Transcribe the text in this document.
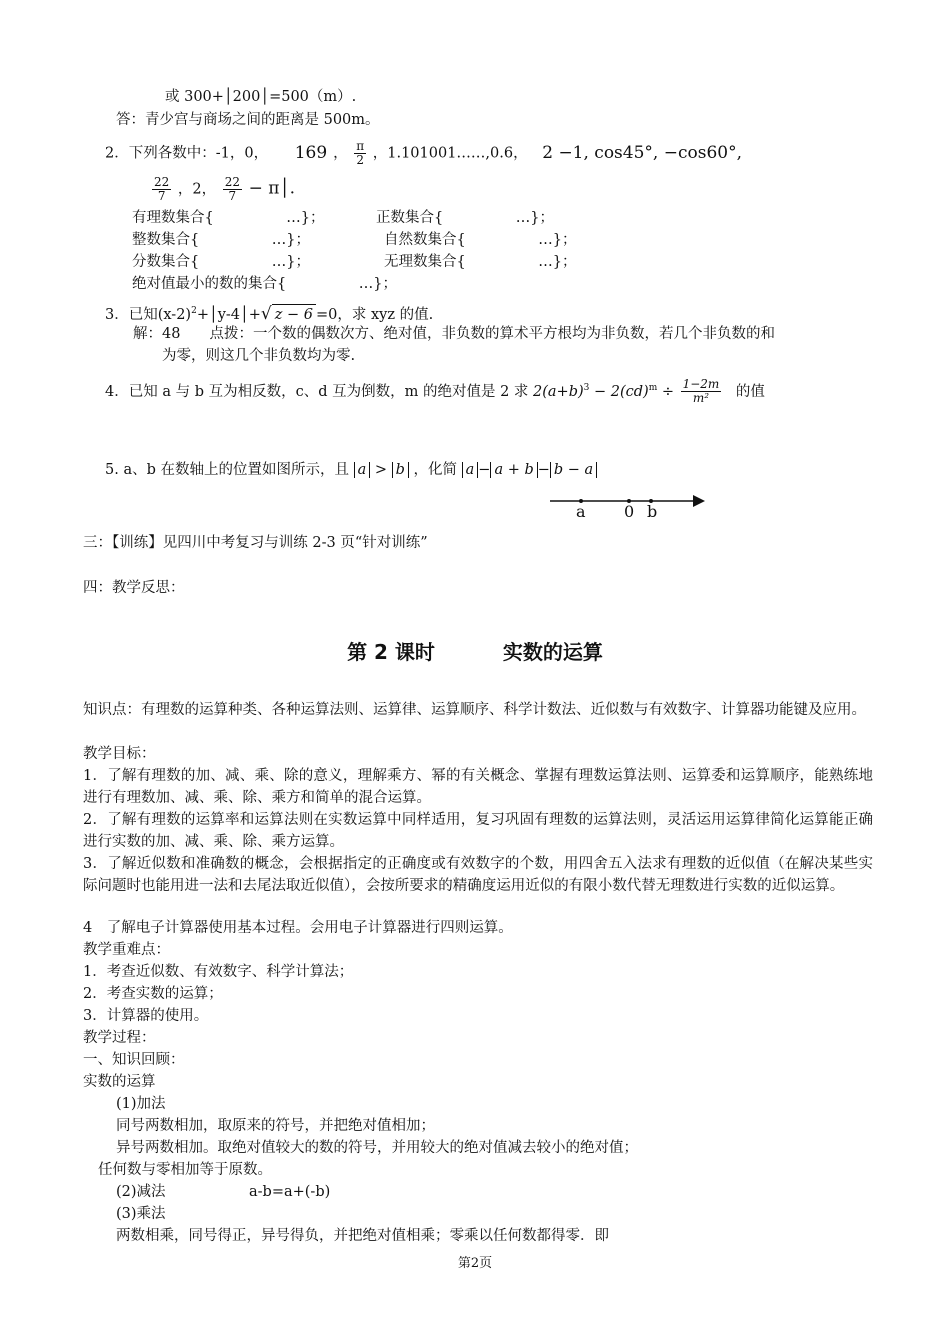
或 300+│200│=500（m）.
答：青少宫与商场之间的距离是 500m。
2．下列各数中：-1，0， 169 ， $\frac{\pi}{2}$ ，1.101001……,0.6， 2 −1, cos45°, −cos60°,
$\frac{22}{7}$ ，2， $\frac{22}{7}$ − π│.
有理数集合{　　　　　…}；	正数集合{　　　　　…}；
整数集合{　　　　　…}；	自然数集合{　　　　　…}；
分数集合{　　　　　…}；	无理数集合{　　　　　…}；
绝对值最小的数的集合{　　　　　…}；
3．已知$(x-2)^2+│y-4│+√$ z − 6 =0，求 xyz 的值.
解：48　　点拨：一个数的偶数次方、绝对值，非负数的算术平方根均为非负数，若几个非负数的和
为零，则这几个非负数均为零.
4．已知 a 与 b 互为相反数，c、d 互为倒数，m 的绝对值是 2 求 $2(a+b)^3 - 2(cd)^m \div \frac{1-2m}{\text{m²}}$ 的值
5. a、b 在数轴上的位置如图所示，且 a > b ，化简 a − a + b − b − a
a 0 b
三：【训练】见四川中考复习与训练 2-3 页“针对训练”
四：教学反思：
第 2 课时	实数的运算
知识点：有理数的运算种类、各种运算法则、运算律、运算顺序、科学计数法、近似数与有效数字、计算器功能键及应用。
教学目标：
1．了解有理数的加、减、乘、除的意义，理解乘方、幂的有关概念、掌握有理数运算法则、运算委和运算顺序，能熟练地进行有理数加、减、乘、除、乘方和简单的混合运算。
2．了解有理数的运算率和运算法则在实数运算中同样适用，复习巩固有理数的运算法则，灵活运用运算律简化运算能正确进行实数的加、减、乘、除、乘方运算。
3．了解近似数和准确数的概念，会根据指定的正确度或有效数字的个数，用四舍五入法求有理数的近似值（在解决某些实际问题时也能用进一法和去尾法取近似值），会按所要求的精确度运用近似的有限小数代替无理数进行实数的近似运算。
4　了解电子计算器使用基本过程。会用电子计算器进行四则运算。
教学重难点：
1．考查近似数、有效数字、科学计算法；
2．考查实数的运算；
3．计算器的使用。
教学过程：
一、知识回顾：
实数的运算
(1)加法
同号两数相加，取原来的符号，并把绝对值相加；
异号两数相加。取绝对值较大的数的符号，并用较大的绝对值减去较小的绝对值；
任何数与零相加等于原数。
(2)减法	a-b=a+(-b)
(3)乘法
两数相乘，同号得正，异号得负，并把绝对值相乘；零乘以任何数都得零．即
第2页
